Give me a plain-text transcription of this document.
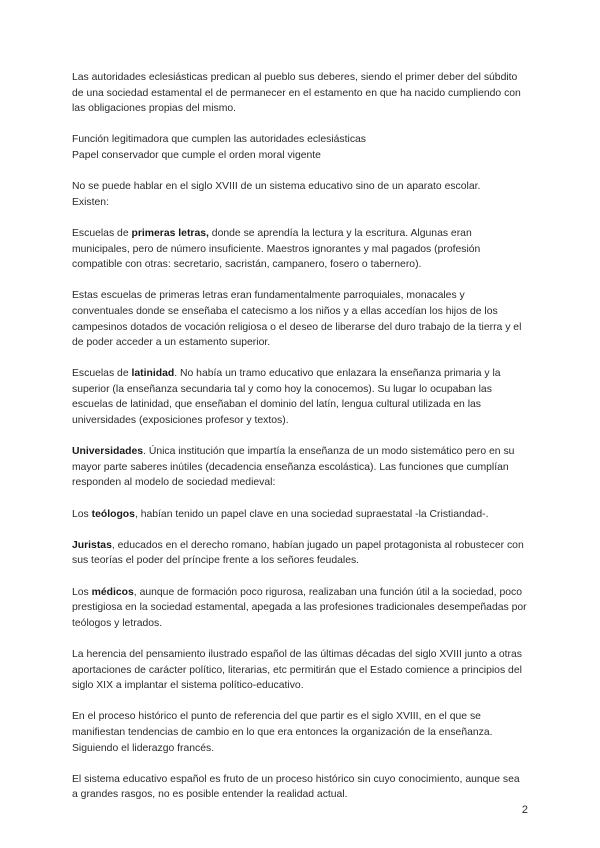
Las autoridades eclesiásticas predican al pueblo sus deberes, siendo el primer deber del súbdito de una sociedad estamental el de permanecer en el estamento en que ha nacido cumpliendo con las obligaciones propias del mismo.

Función legitimadora que cumplen las autoridades eclesiásticas
Papel conservador que cumple el orden moral vigente

No se puede hablar en el siglo XVIII de un sistema educativo sino de un aparato escolar.
Existen:

Escuelas de primeras letras, donde se aprendía la lectura y la escritura. Algunas eran municipales, pero de número insuficiente. Maestros ignorantes y mal pagados (profesión compatible con otras: secretario, sacristán, campanero, fosero o tabernero).

Estas escuelas de primeras letras eran fundamentalmente parroquiales, monacales y conventuales donde se enseñaba el catecismo a los niños y a ellas accedían los hijos de los campesinos dotados de vocación religiosa o el deseo de liberarse del duro trabajo de la tierra y el de poder acceder a un estamento superior.

Escuelas de latinidad. No había un tramo educativo que enlazara la enseñanza primaria y la superior (la enseñanza secundaria tal y como hoy la conocemos). Su lugar lo ocupaban las escuelas de latinidad, que enseñaban el dominio del latín, lengua cultural utilizada en las universidades (exposiciones profesor y textos).

Universidades. Única institución que impartía la enseñanza de un modo sistemático pero en su mayor parte saberes inútiles (decadencia enseñanza escolástica). Las funciones que cumplían responden al modelo de sociedad medieval:

Los teólogos, habían tenido un papel clave en una sociedad supraestatal -la Cristiandad-.

Juristas, educados en el derecho romano, habían jugado un papel protagonista al robustecer con sus teorías el poder del príncipe frente a los señores feudales.

Los médicos, aunque de formación poco rigurosa, realizaban una función útil a la sociedad, poco prestigiosa en la sociedad estamental, apegada a las profesiones tradicionales desempeñadas por teólogos y letrados.

La herencia del pensamiento ilustrado español de las últimas décadas del siglo XVIII junto a otras aportaciones de carácter político, literarias, etc permitirán que el Estado comience a principios del siglo XIX a implantar el sistema político-educativo.

En el proceso histórico el punto de referencia del que partir es el siglo XVIII, en el que se manifiestan tendencias de cambio en lo que era entonces la organización de la enseñanza. Siguiendo el liderazgo francés.

El sistema educativo español es fruto de un proceso histórico sin cuyo conocimiento, aunque sea a grandes rasgos, no es posible entender la realidad actual.

2
